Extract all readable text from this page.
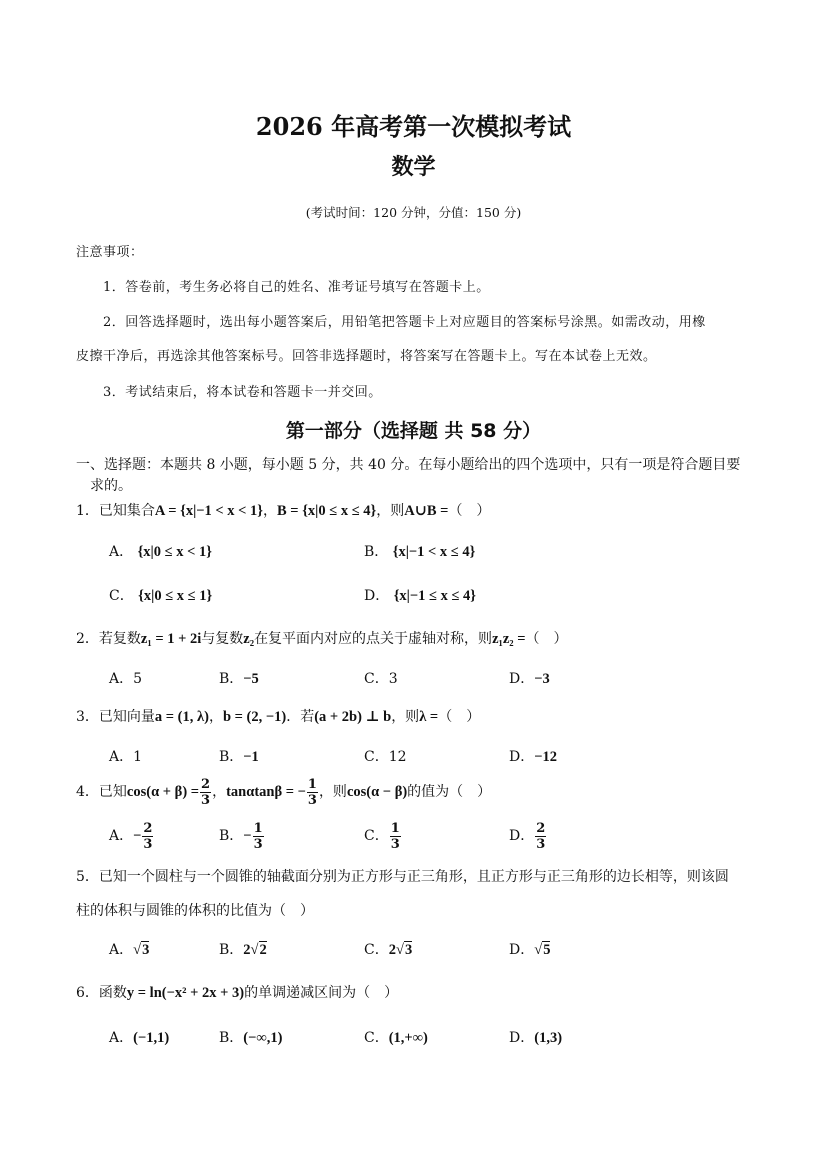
2026 年高考第一次模拟考试
数学
(考试时间：120 分钟，分值：150 分)
注意事项：
1．答卷前，考生务必将自己的姓名、准考证号填写在答题卡上。
2．回答选择题时，选出每小题答案后，用铅笔把答题卡上对应题目的答案标号涂黑。如需改动，用橡
皮擦干净后，再选涂其他答案标号。回答非选择题时，将答案写在答题卡上。写在本试卷上无效。
3．考试结束后，将本试卷和答题卡一并交回。
第一部分（选择题 共 58 分）
一、选择题：本题共 8 小题，每小题 5 分，共 40 分。在每小题给出的四个选项中，只有一项是符合题目要
求的。
1．已知集合A = {x|−1 < x < 1}，B = {x|0 ≤ x ≤ 4}，则A∪B =（　）
A． {x|0 ≤ x < 1}	B． {x|−1 < x ≤ 4}
C． {x|0 ≤ x ≤ 1}	D． {x|−1 ≤ x ≤ 4}
2．若复数z₁ = 1 + 2i与复数z₂在复平面内对应的点关于虚轴对称，则z₁z₂ =（　）
A．5	B．−5	C．3	D．−3
3．已知向量a = (1, λ)，b = (2, −1)．若(a + 2b) ⊥ b，则λ =（　）
A．1	B．−1	C．12	D．−12
4．已知$\cos(\alpha + \beta) = \frac{2}{3}$ ，tanαtanβ = − $\frac{1}{3}$ ，则cos(α − β)的值为（　）
A．− $\frac{2}{3}$	B．− $\frac{1}{3}$	C． $\frac{1}{3}$	D． $\frac{2}{3}$
5．已知一个圆柱与一个圆锥的轴截面分别为正方形与正三角形，且正方形与正三角形的边长相等，则该圆
柱的体积与圆锥的体积的比值为（　）
A．√3	B．2√2	C．2√3	D．√5
6．函数y = ln(−x² + 2x + 3)的单调递减区间为（　）
A．(−1,1)	B．(−∞,1)	C．(1,+∞)	D．(1,3)
